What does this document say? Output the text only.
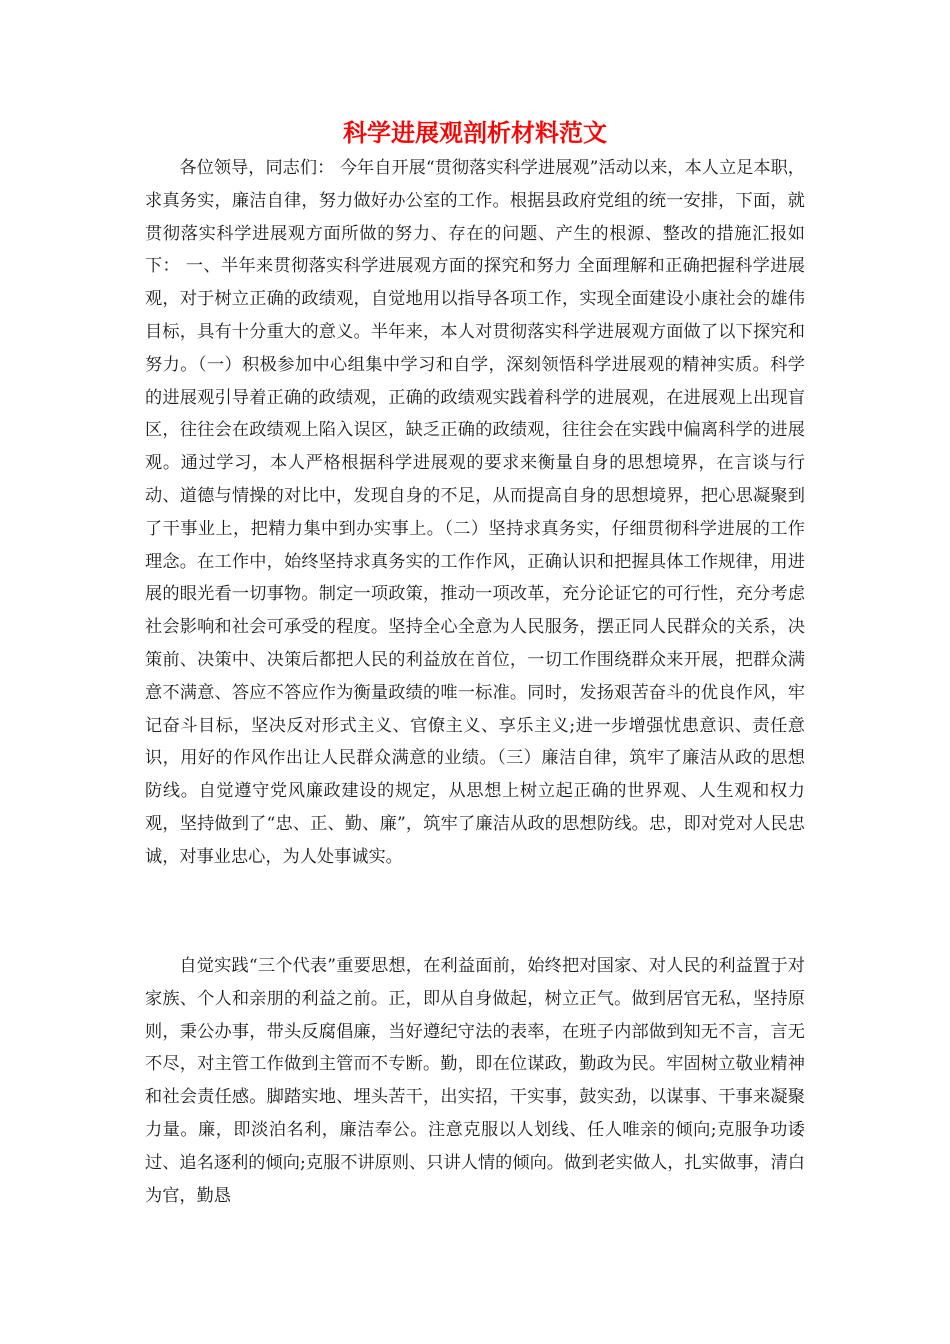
科学进展观剖析材料范文

各位领导，同志们： 今年自开展“贯彻落实科学进展观”活动以来，本人立足本职，求真务实，廉洁自律，努力做好办公室的工作。根据县政府党组的统一安排，下面，就贯彻落实科学进展观方面所做的努力、存在的问题、产生的根源、整改的措施汇报如下： 一、半年来贯彻落实科学进展观方面的探究和努力 全面理解和正确把握科学进展观，对于树立正确的政绩观，自觉地用以指导各项工作，实现全面建设小康社会的雄伟目标，具有十分重大的意义。半年来，本人对贯彻落实科学进展观方面做了以下探究和努力。（一）积极参加中心组集中学习和自学，深刻领悟科学进展观的精神实质。科学的进展观引导着正确的政绩观，正确的政绩观实践着科学的进展观，在进展观上出现盲区，往往会在政绩观上陷入误区，缺乏正确的政绩观，往往会在实践中偏离科学的进展观。通过学习，本人严格根据科学进展观的要求来衡量自身的思想境界，在言谈与行动、道德与情操的对比中，发现自身的不足，从而提高自身的思想境界，把心思凝聚到了干事业上，把精力集中到办实事上。（二）坚持求真务实，仔细贯彻科学进展的工作理念。在工作中，始终坚持求真务实的工作作风，正确认识和把握具体工作规律，用进展的眼光看一切事物。制定一项政策，推动一项改革，充分论证它的可行性，充分考虑社会影响和社会可承受的程度。坚持全心全意为人民服务，摆正同人民群众的关系，决策前、决策中、决策后都把人民的利益放在首位，一切工作围绕群众来开展，把群众满意不满意、答应不答应作为衡量政绩的唯一标准。同时，发扬艰苦奋斗的优良作风，牢记奋斗目标，坚决反对形式主义、官僚主义、享乐主义;进一步增强忧患意识、责任意识，用好的作风作出让人民群众满意的业绩。（三）廉洁自律，筑牢了廉洁从政的思想防线。自觉遵守党风廉政建设的规定，从思想上树立起正确的世界观、人生观和权力观，坚持做到了“忠、正、勤、廉”，筑牢了廉洁从政的思想防线。忠，即对党对人民忠诚，对事业忠心，为人处事诚实。

自觉实践“三个代表”重要思想，在利益面前，始终把对国家、对人民的利益置于对家族、个人和亲朋的利益之前。正，即从自身做起，树立正气。做到居官无私，坚持原则，秉公办事，带头反腐倡廉，当好遵纪守法的表率，在班子内部做到知无不言，言无不尽，对主管工作做到主管而不专断。勤，即在位谋政，勤政为民。牢固树立敬业精神和社会责任感。脚踏实地、埋头苦干，出实招，干实事，鼓实劲，以谋事、干事来凝聚力量。廉，即淡泊名利，廉洁奉公。注意克服以人划线、任人唯亲的倾向;克服争功诿过、追名逐利的倾向;克服不讲原则、只讲人情的倾向。做到老实做人，扎实做事，清白为官，勤恳
